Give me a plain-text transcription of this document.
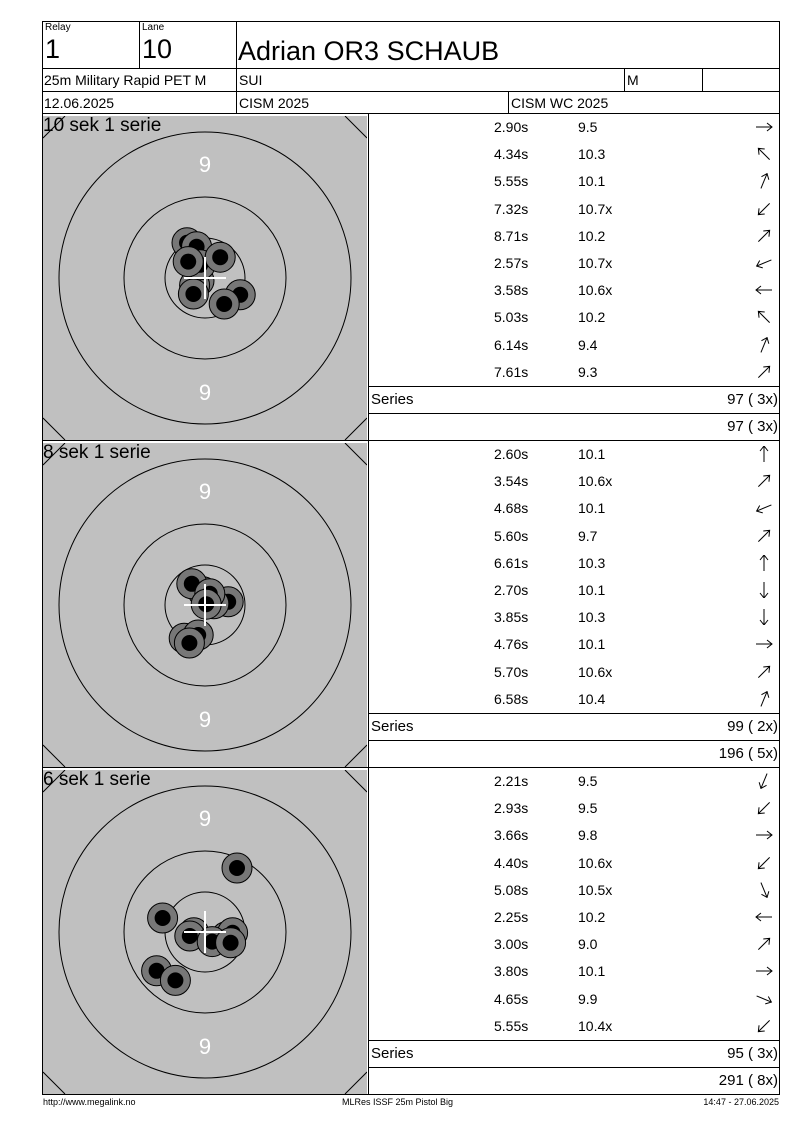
Relay
1
Lane
10 Adrian OR3 SCHAUB
25m Military Rapid PET M SUI	M
12.06.2025	CISM 2025	CISM WC 2025
9
9
10 sek 1 serie	2.90s	9.5
4.34s	10.3
5.55s	10.1
7.32s	10.7x
8.71s	10.2
2.57s	10.7x
3.58s	10.6x
5.03s	10.2
6.14s	9.4
7.61s	9.3
Series	97 ( 3x)
97 ( 3x)
9
9
8 sek 1 serie	2.60s	10.1
3.54s	10.6x
4.68s	10.1
5.60s	9.7
6.61s	10.3
2.70s	10.1
3.85s	10.3
4.76s	10.1
5.70s	10.6x
6.58s	10.4
Series	99 ( 2x)
196 ( 5x)
9
9
6 sek 1 serie	2.21s	9.5
2.93s	9.5
3.66s	9.8
4.40s	10.6x
5.08s	10.5x
2.25s	10.2
3.00s	9.0
3.80s	10.1
4.65s	9.9
5.55s	10.4x
Series	95 ( 3x)
291 ( 8x)
http://www.megalink.no	MLRes ISSF 25m Pistol Big	14:47 - 27.06.2025
